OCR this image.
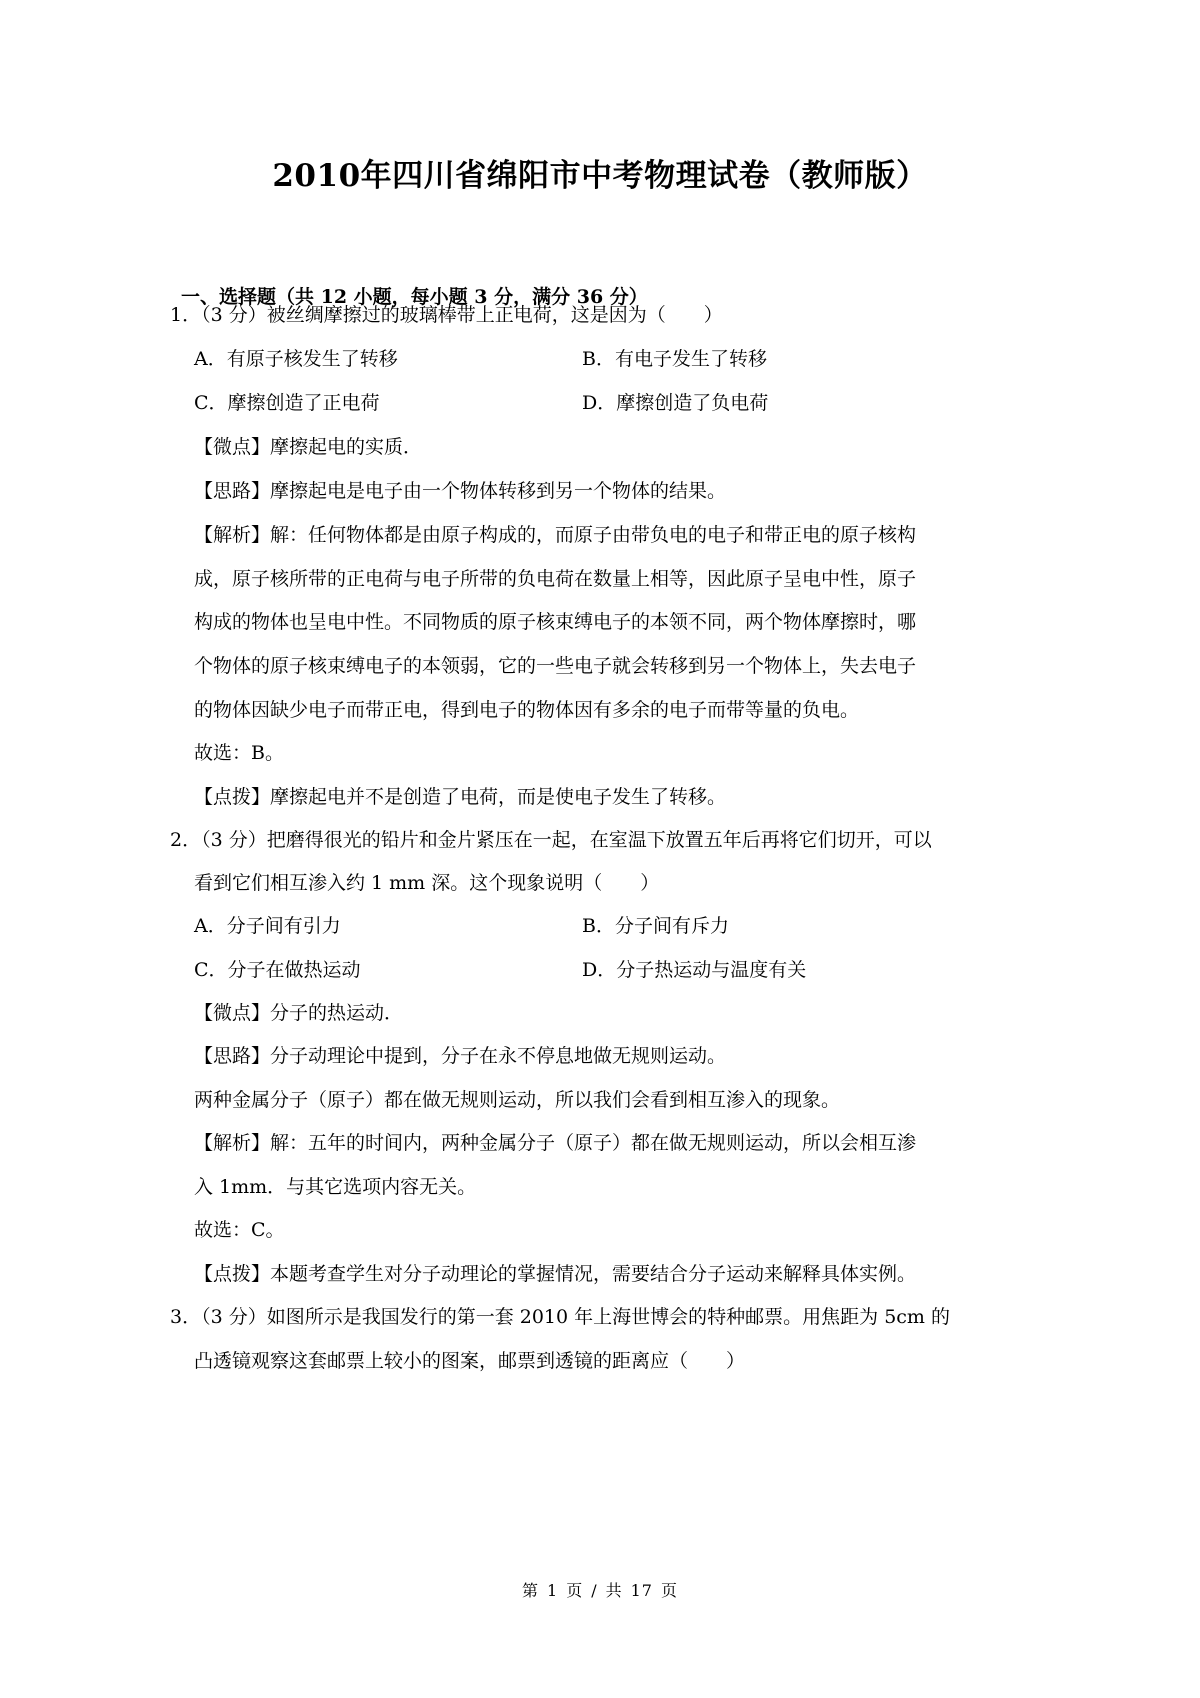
2010年四川省绵阳市中考物理试卷（教师版）
一、选择题（共 12 小题，每小题 3 分，满分 36 分）
1．（3 分）被丝绸摩擦过的玻璃棒带上正电荷，这是因为（　　）
A．有原子核发生了转移	B．有电子发生了转移
C．摩擦创造了正电荷	D．摩擦创造了负电荷
【微点】摩擦起电的实质．
【思路】摩擦起电是电子由一个物体转移到另一个物体的结果。
【解析】解：任何物体都是由原子构成的，而原子由带负电的电子和带正电的原子核构
成，原子核所带的正电荷与电子所带的负电荷在数量上相等，因此原子呈电中性，原子
构成的物体也呈电中性。不同物质的原子核束缚电子的本领不同，两个物体摩擦时，哪
个物体的原子核束缚电子的本领弱，它的一些电子就会转移到另一个物体上，失去电子
的物体因缺少电子而带正电，得到电子的物体因有多余的电子而带等量的负电。
故选：B。
【点拨】摩擦起电并不是创造了电荷，而是使电子发生了转移。
2．（3 分）把磨得很光的铅片和金片紧压在一起，在室温下放置五年后再将它们切开，可以
看到它们相互渗入约 1 mm 深。这个现象说明（　　）
A．分子间有引力	B．分子间有斥力
C．分子在做热运动	D．分子热运动与温度有关
【微点】分子的热运动．
【思路】分子动理论中提到，分子在永不停息地做无规则运动。
两种金属分子（原子）都在做无规则运动，所以我们会看到相互渗入的现象。
【解析】解：五年的时间内，两种金属分子（原子）都在做无规则运动，所以会相互渗
入 1mm．与其它选项内容无关。
故选：C。
【点拨】本题考查学生对分子动理论的掌握情况，需要结合分子运动来解释具体实例。
3．（3 分）如图所示是我国发行的第一套 2010 年上海世博会的特种邮票。用焦距为 5cm 的
凸透镜观察这套邮票上较小的图案，邮票到透镜的距离应（　　）
第 1 页 / 共 17 页
